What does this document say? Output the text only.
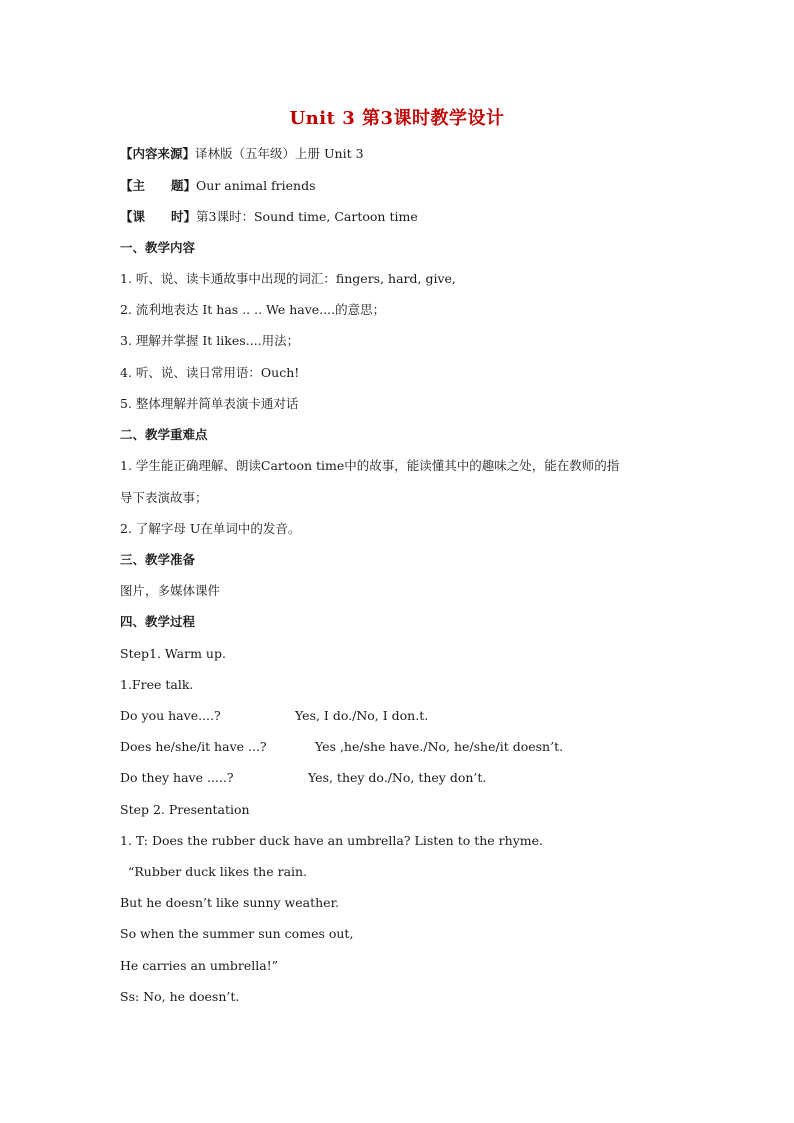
Unit 3 第3课时教学设计
【内容来源】译林版（五年级）上册 Unit 3
【主 题】Our animal friends
【课 时】第3课时：Sound time, Cartoon time
一、教学内容
1. 听、说、读卡通故事中出现的词汇：fingers, hard, give,
2. 流利地表达 It has .. .. We have....的意思；
3. 理解并掌握 It likes....用法；
4. 听、说、读日常用语：Ouch!
5. 整体理解并简单表演卡通对话
二、教学重难点
1. 学生能正确理解、朗读Cartoon time中的故事，能读懂其中的趣味之处，能在教师的指
导下表演故事；
2. 了解字母 U在单词中的发音。
三、教学准备
图片，多媒体课件
四、教学过程
Step1. Warm up.
1.Free talk.
Do you have....?	Yes, I do./No, I don.t.
Does he/she/it have ...?	Yes ,he/she have./No, he/she/it doesn’t.
Do they have .....?	Yes, they do./No, they don’t.
Step 2. Presentation
1. T: Does the rubber duck have an umbrella? Listen to the rhyme.
“Rubber duck likes the rain.
But he doesn’t like sunny weather.
So when the summer sun comes out,
He carries an umbrella!”
Ss: No, he doesn’t.
